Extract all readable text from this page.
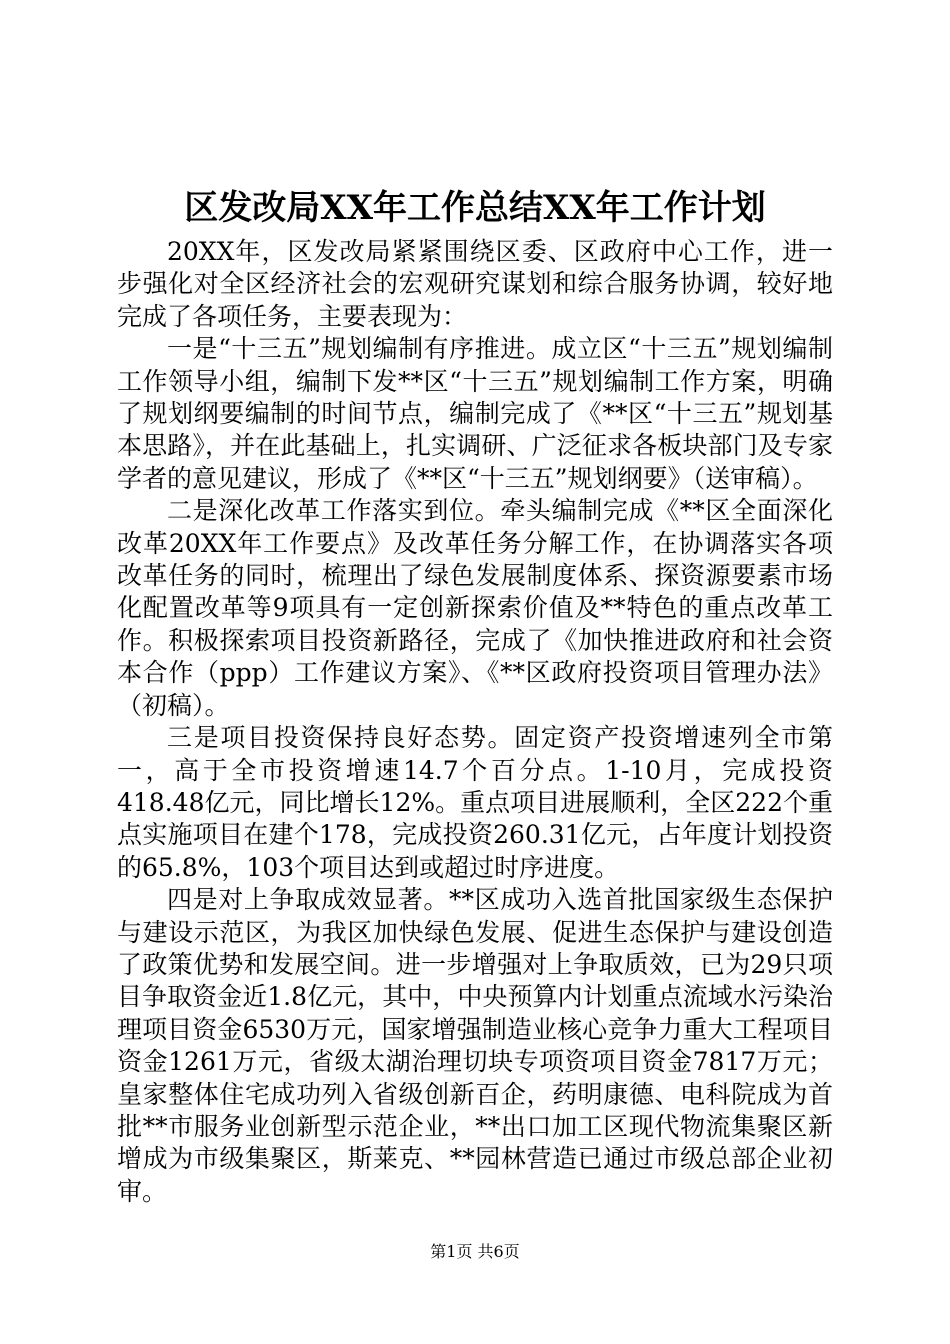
区发改局XX年工作总结XX年工作计划

20XX年，区发改局紧紧围绕区委、区政府中心工作，进一步强化对全区经济社会的宏观研究谋划和综合服务协调，较好地完成了各项任务，主要表现为：

一是“十三五”规划编制有序推进。成立区“十三五”规划编制工作领导小组，编制下发**区“十三五”规划编制工作方案，明确了规划纲要编制的时间节点，编制完成了《**区“十三五”规划基本思路》，并在此基础上，扎实调研、广泛征求各板块部门及专家学者的意见建议，形成了《**区“十三五”规划纲要》（送审稿）。

二是深化改革工作落实到位。牵头编制完成《**区全面深化改革20XX年工作要点》及改革任务分解工作，在协调落实各项改革任务的同时，梳理出了绿色发展制度体系、探资源要素市场化配置改革等9项具有一定创新探索价值及**特色的重点改革工作。积极探索项目投资新路径，完成了《加快推进政府和社会资本合作（ppp）工作建议方案》、《**区政府投资项目管理办法》（初稿）。

三是项目投资保持良好态势。固定资产投资增速列全市第一，高于全市投资增速14.7个百分点。1-10月，完成投资418.48亿元，同比增长12%。重点项目进展顺利，全区222个重点实施项目在建个178，完成投资260.31亿元，占年度计划投资的65.8%，103个项目达到或超过时序进度。

四是对上争取成效显著。**区成功入选首批国家级生态保护与建设示范区，为我区加快绿色发展、促进生态保护与建设创造了政策优势和发展空间。进一步增强对上争取质效，已为29只项目争取资金近1.8亿元，其中，中央预算内计划重点流域水污染治理项目资金6530万元，国家增强制造业核心竞争力重大工程项目资金1261万元，省级太湖治理切块专项资项目资金7817万元；皇家整体住宅成功列入省级创新百企，药明康德、电科院成为首批**市服务业创新型示范企业，**出口加工区现代物流集聚区新增成为市级集聚区，斯莱克、**园林营造已通过市级总部企业初审。

第1页 共6页
